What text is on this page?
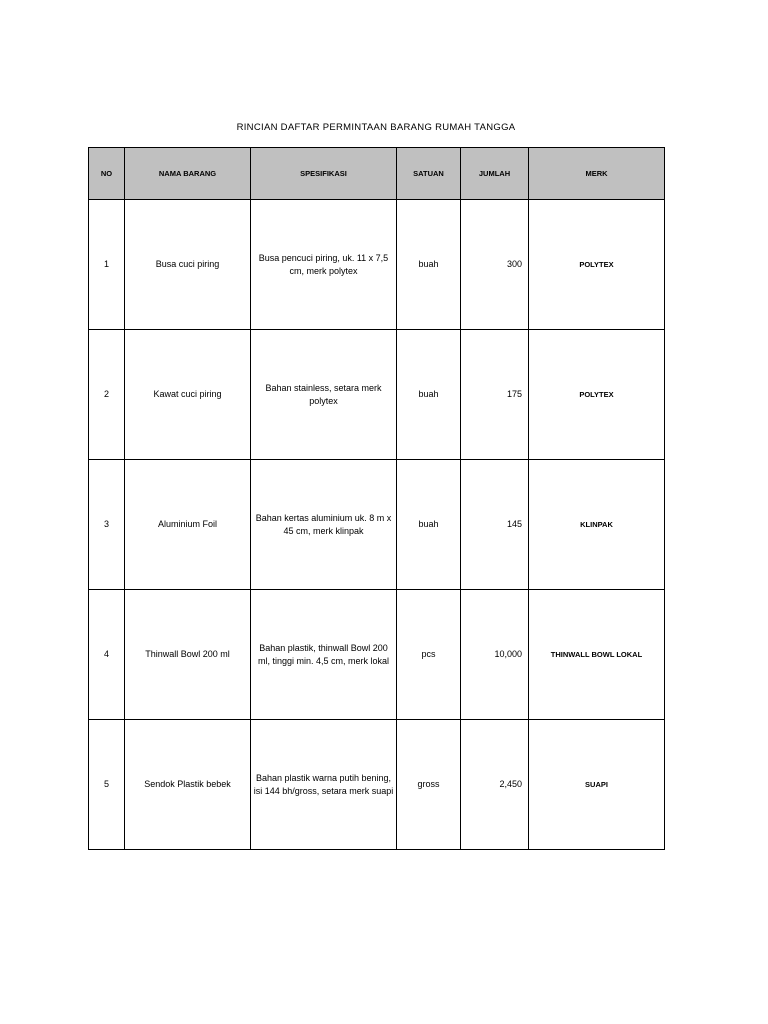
RINCIAN DAFTAR PERMINTAAN BARANG RUMAH TANGGA
NO	NAMA BARANG	SPESIFIKASI	SATUAN	JUMLAH	MERK
1	Busa cuci piring	Busa pencuci piring, uk. 11 x 7,5 cm, merk polytex	buah	300	POLYTEX
2	Kawat cuci piring	Bahan stainless, setara merk polytex	buah	175	POLYTEX
3	Aluminium Foil	Bahan kertas aluminium uk. 8 m x 45 cm, merk klinpak	buah	145	KLINPAK
4	Thinwall Bowl 200 ml	Bahan plastik, thinwall Bowl 200 ml, tinggi min. 4,5 cm, merk lokal	pcs	10,000	THINWALL BOWL LOKAL
5	Sendok Plastik bebek	Bahan plastik warna putih bening, isi 144 bh/gross, setara merk suapi	gross	2,450	SUAPI
